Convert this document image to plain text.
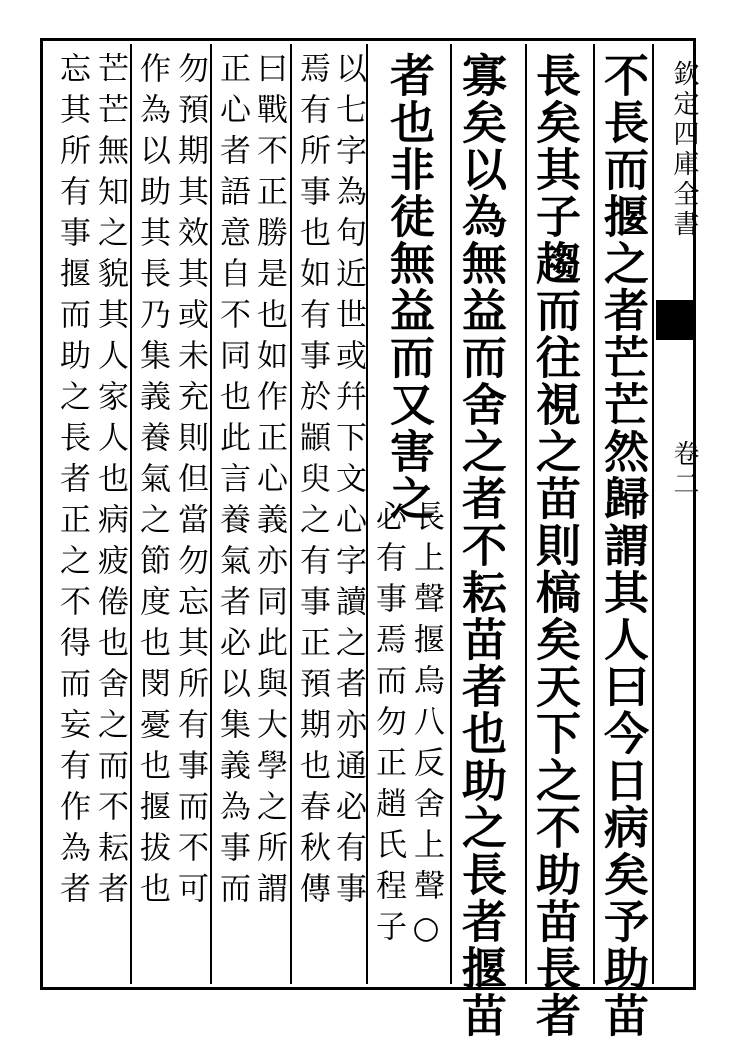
欽定四庫全書
卷二
不長而揠之者芒芒然歸謂其人曰今日病矣予助苗
長矣其子趨而往視之苗則槁矣天下之不助苗長者
寡矣以為無益而舍之者不耘苗者也助之長者揠苗
者也非徒無益而又害之
長上聲揠烏八反舍上聲○
必有事焉而勿正趙氏程子
以七字為句近世或幷下文心字讀之者亦通必有事
焉有所事也如有事於顓臾之有事正預期也春秋傳
曰戰不正勝是也如作正心義亦同此與大學之所謂
正心者語意自不同也此言養氣者必以集義為事而
勿預期其效其或未充則但當勿忘其所有事而不可
作為以助其長乃集義養氣之節度也閔憂也揠拔也
芒芒無知之貌其人家人也病疲倦也舍之而不耘者
忘其所有事揠而助之長者正之不得而妄有作為者
